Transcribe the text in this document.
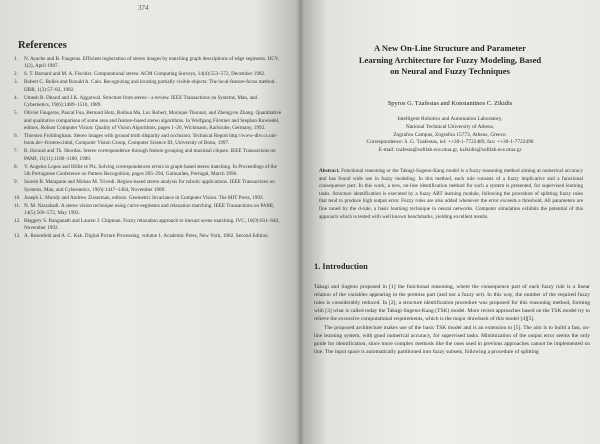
374
References
1. N. Ayache and B. Faugeras. Efficient registration of stereo images by matching graph descriptions of edge segments. IJCV, 1(2), April 1987.
2. S. T. Barnard and M. A. Fischler. Computational stereo. ACM Computing Surveys, 14(4):553–572, December 1982.
3. Robert C. Bolles and Ronald A. Cain. Recognizing and locating partially visible objects: The local-feature-focus method. IJRR, 1(3):57–82, 1982.
4. Umesh R. Dhond and J.K. Aggarwal. Structure from stereo - a review. IEEE Transactions on Systems, Man, and Cybernetics, 19(6):1489–1510, 1989.
5. Olivier Faugeras, Pascal Fua, Bernard Hotz, Ruihua Ma, Luc Robert, Monique Thonnat, and Zhengyou Zhang. Quantitative and qualitative comparison of some area and feature-based stereo algorithms. In Wolfgang Förstner and Stephan Ruwiedel, editors, Robust Computer Vision: Quality of Vision Algorithms, pages 1–26, Wichmann, Karlsruhe, Germany, 1992.
6. Thorsten Frohlinghaus. Stereo images with ground truth disparity and occlusion. Technical Report http://www-dbv.cs.uni-bonn.de/~ft/stereo.html, Computer Vision Group, Computer Science III, University of Bonn, 1997.
7. R. Horaud and Th. Skordas. Stereo correspondence through feature grouping and maximal cliques. IEEE Transactions on PAMI, 11(11):1168–1180, 1989.
8. V. Angelos Lopez and Hillie te Plz. Solving correspondences errors in graph-based stereo matching. In Proceedings of the 5th Portuguese Conference on Pattern Recognition, pages 265–294, Guimarães, Portugal, March 1996.
9. Suresh B. Marapane and Mohan M. Trivedi. Region-based stereo analysis for robotic applications. IEEE Transactions on Systems, Man, and Cybernetics, 19(6):1447–1464, November 1989.
10. Joseph L. Mundy and Andrew Zisserman, editors. Geometric Invariance in Computer Vision. The MIT Press, 1992.
11. N. M. Nasrabadi. A stereo vision technique using curve-segments and relaxation matching. IEEE Transactions on PAMI, 14(5):566–572, May 1992.
12. Heggery S. Ranganath and Lauren J. Chipman. Fuzzy relaxation approach to inexact scene matching. IVC, 10(9):631–640, November 1992.
13. A. Rosenfeld and A. C. Kak. Digital Picture Processing, volume 1. Academic Press, New York, 1982. Second Edition.
A New On-Line Structure and Parameter
Learning Architecture for Fuzzy Modeling, Based
on Neural and Fuzzy Techniques
Spyros G. Tzafestas and Konstantinos C. Zikidis
Intelligent Robotics and Automation Laboratory,
National Technical University of Athens,
Zografou Campus, Zografou 15773, Athens, Greece.
Correspondence: S. G. Tzafestas, tel: ++30-1-7722489, fax: ++30-1-7722490
E-mail: tzafesta@softlab.ece.ntua.gr, kzikidis@softlab.ece.ntua.gr

Abstract. Functional reasoning or the Takagi-Sugeno-Kang model is a fuzzy reasoning method aiming at numerical accuracy and has found wide use in fuzzy modeling. In this method, each rule consists of a fuzzy implicative and a functional consequence part. In this work, a new, on-line identification method for such a system is presented, for supervised learning tasks. Structure identification is executed by a fuzzy ART learning module, following the procedure of splitting fuzzy rules that tend to produce high output error. Fuzzy rules are also added whenever the error exceeds a threshold. All parameters are fine tuned by the d-rule, a basic learning technique in neural networks. Computer simulation exhibits the potential of this approach which is tested with well known benchmarks, yielding excellent results.

1. Introduction

Takagi and Sugeno proposed in [1] the functional reasoning, where the consequence part of each fuzzy rule is a linear relation of the variables appearing in the premise part (and not a fuzzy set). In this way, the number of the required fuzzy rules is considerably reduced. In [2], a structure identification procedure was proposed for this reasoning method, forming with [3] what is called today the Takagi-Sugeno-Kang (TSK) model. More recent approaches based on the TSK model try to relieve the excessive computational requirements, which is the major drawback of this model [4][5].

The proposed architecture makes use of the basic TSK model and is an extension to [5]. The aim is to build a fast, on-line learning system, with good numerical accuracy, for supervised tasks. Minimization of the output error seems the only guide for identification, since more complex methods like the ones used in previous approaches cannot be implemented on line. The input space is automatically partitioned into fuzzy subsets, following a procedure of splitting
